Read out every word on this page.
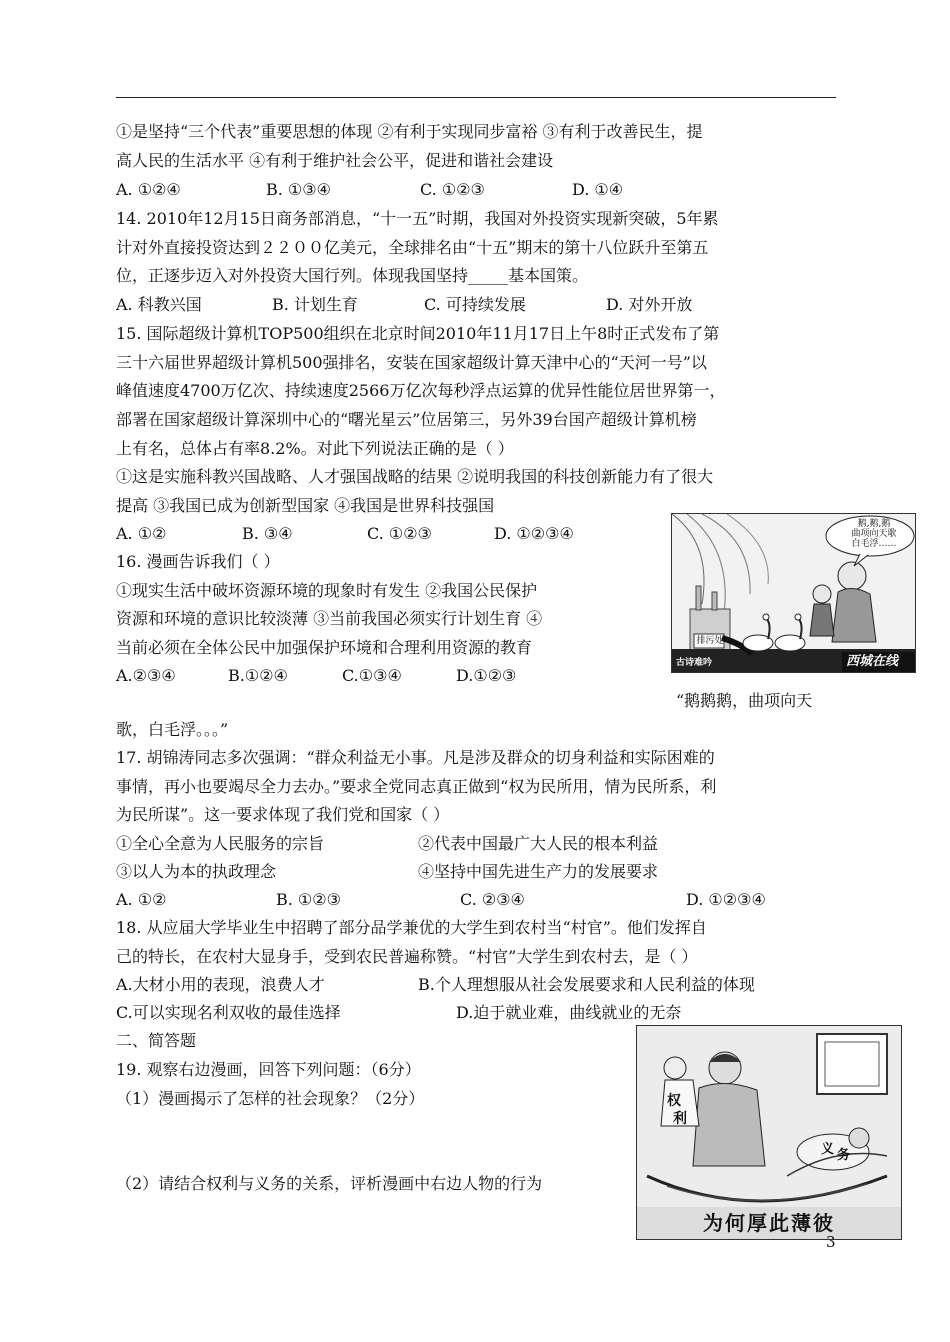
①是坚持“三个代表”重要思想的体现 ②有利于实现同步富裕 ③有利于改善民生，提
高人民的生活水平 ④有利于维护社会公平，促进和谐社会建设
A. ①②④	B. ①③④	C. ①②③	D. ①④
14. 2010年12月15日商务部消息，“十一五”时期，我国对外投资实现新突破，5年累
计对外直接投资达到２２００亿美元，全球排名由“十五”期末的第十八位跃升至第五
位，正逐步迈入对外投资大国行列。体现我国坚持_____基本国策。
A. 科教兴国	B. 计划生育	C. 可持续发展	D. 对外开放
15. 国际超级计算机TOP500组织在北京时间2010年11月17日上午8时正式发布了第
三十六届世界超级计算机500强排名，安装在国家超级计算天津中心的“天河一号”以
峰值速度4700万亿次、持续速度2566万亿次每秒浮点运算的优异性能位居世界第一，
部署在国家超级计算深圳中心的“曙光星云”位居第三，另外39台国产超级计算机榜
上有名，总体占有率8.2%。对此下列说法正确的是（ ）
①这是实施科教兴国战略、人才强国战略的结果 ②说明我国的科技创新能力有了很大
提高 ③我国已成为创新型国家 ④我国是世界科技强国
A. ①②	B. ③④	C. ①②③	D. ①②③④
16. 漫画告诉我们（ ）
①现实生活中破坏资源环境的现象时有发生 ②我国公民保护
资源和环境的意识比较淡薄 ③当前我国必须实行计划生育 ④
当前必须在全体公民中加强保护环境和合理利用资源的教育
A.②③④	B.①②④	C.①③④	D.①②③
鹅,鹅,鹅
曲项向天歌
白毛浮……
排污处
古诗难吟	西城在线
“鹅鹅鹅，曲项向天
歌，白毛浮。。。”
17. 胡锦涛同志多次强调：“群众利益无小事。凡是涉及群众的切身利益和实际困难的
事情，再小也要竭尽全力去办。”要求全党同志真正做到“权为民所用，情为民所系，利
为民所谋”。这一要求体现了我们党和国家（ ）
①全心全意为人民服务的宗旨	②代表中国最广大人民的根本利益
③以人为本的执政理念	④坚持中国先进生产力的发展要求
A. ①②	B. ①②③	C. ②③④	D. ①②③④
18. 从应届大学毕业生中招聘了部分品学兼优的大学生到农村当“村官”。他们发挥自
己的特长，在农村大显身手，受到农民普遍称赞。“村官”大学生到农村去，是（ ）
A.大材小用的表现，浪费人才	B.个人理想服从社会发展要求和人民利益的体现
C.可以实现名利双收的最佳选择	D.迫于就业难，曲线就业的无奈
二、简答题
19. 观察右边漫画，回答下列问题：（6分）
（1）漫画揭示了怎样的社会现象？（2分）
（2）请结合权利与义务的关系，评析漫画中右边人物的行为
权
利
义 务
为何厚此薄彼
3
